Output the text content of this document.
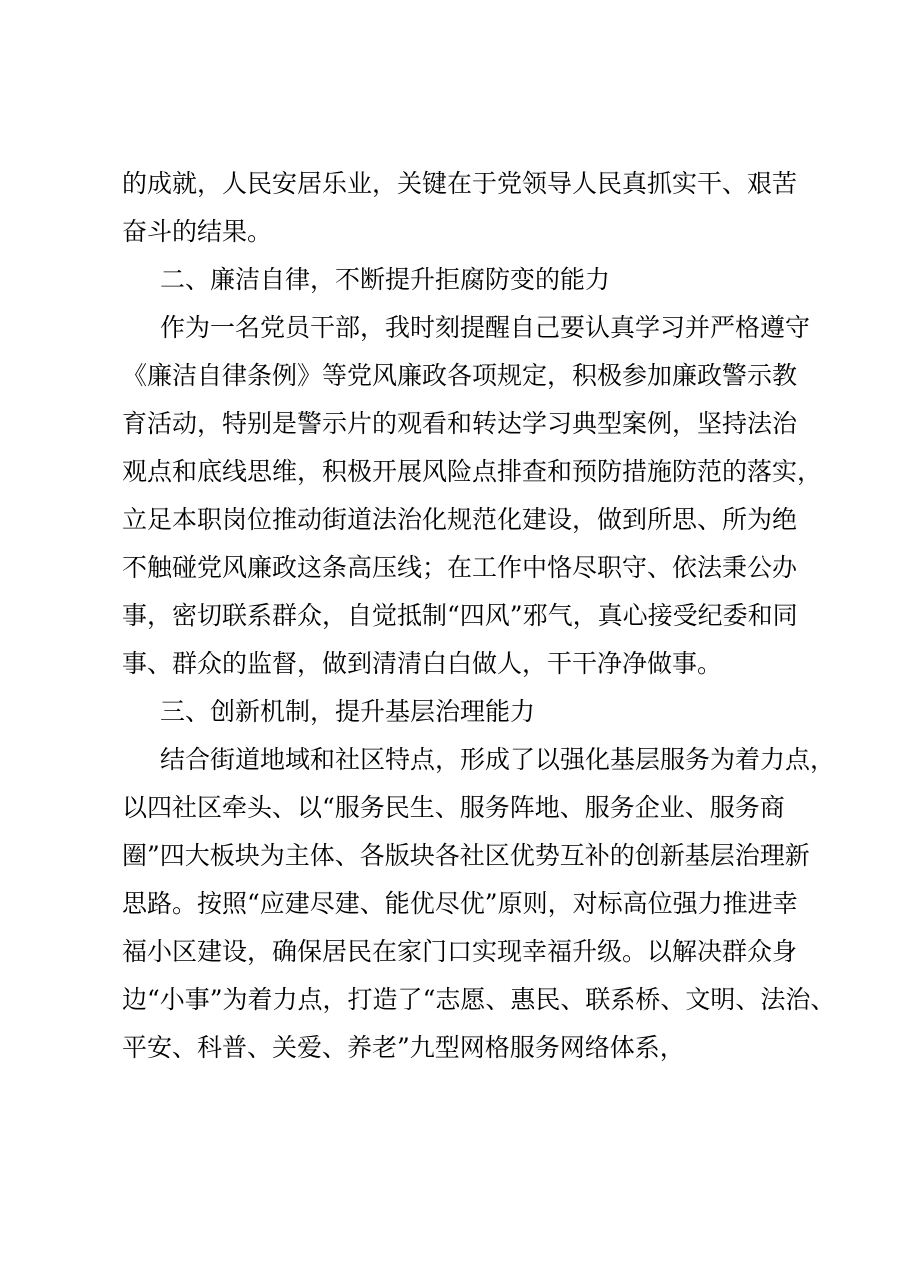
的成就，人民安居乐业，关键在于党领导人民真抓实干、艰苦
奋斗的结果。
二、廉洁自律，不断提升拒腐防变的能力
作为一名党员干部，我时刻提醒自己要认真学习并严格遵守
《廉洁自律条例》等党风廉政各项规定，积极参加廉政警示教
育活动，特别是警示片的观看和转达学习典型案例，坚持法治
观点和底线思维，积极开展风险点排查和预防措施防范的落实，
立足本职岗位推动街道法治化规范化建设，做到所思、所为绝
不触碰党风廉政这条高压线；在工作中恪尽职守、依法秉公办
事，密切联系群众，自觉抵制“四风”邪气，真心接受纪委和同
事、群众的监督，做到清清白白做人，干干净净做事。
三、创新机制，提升基层治理能力
结合街道地域和社区特点，形成了以强化基层服务为着力点，
以四社区牵头、以“服务民生、服务阵地、服务企业、服务商
圈”四大板块为主体、各版块各社区优势互补的创新基层治理新
思路。按照“应建尽建、能优尽优”原则，对标高位强力推进幸
福小区建设，确保居民在家门口实现幸福升级。以解决群众身
边“小事”为着力点，打造了“志愿、惠民、联系桥、文明、法治、
平安、科普、关爱、养老”九型网格服务网络体系，
